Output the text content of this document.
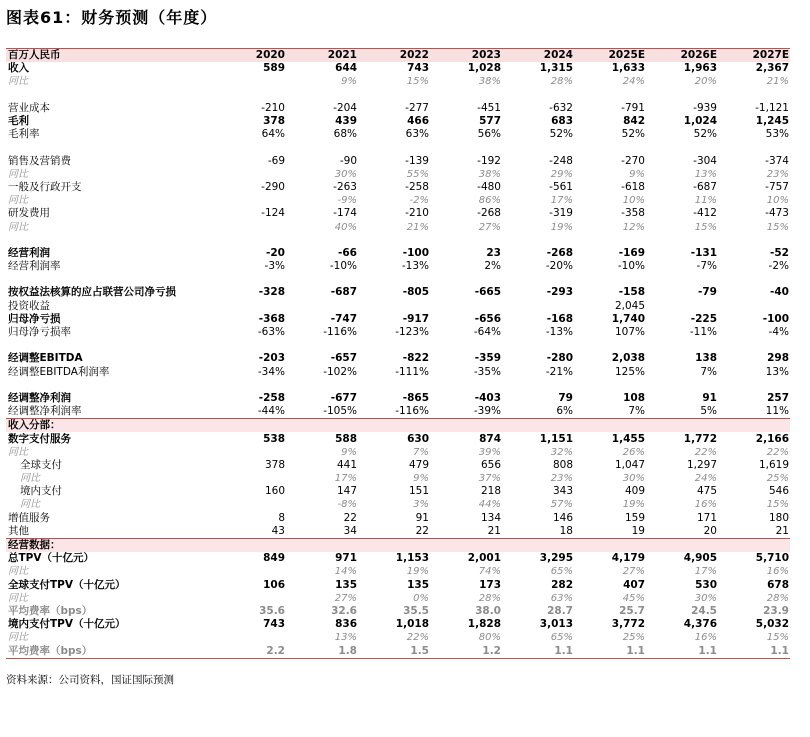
图表61：财务预测（年度）
百万人民币	2020	2021	2022	2023	2024	2025E	2026E	2027E
收入	589	644	743	1,028	1,315	1,633	1,963	2,367
同比		9%	15%	38%	28%	24%	20%	21%

营业成本	-210	-204	-277	-451	-632	-791	-939	-1,121
毛利	378	439	466	577	683	842	1,024	1,245
毛利率	64%	68%	63%	56%	52%	52%	52%	53%

销售及营销费	-69	-90	-139	-192	-248	-270	-304	-374
同比		30%	55%	38%	29%	9%	13%	23%
一般及行政开支	-290	-263	-258	-480	-561	-618	-687	-757
同比		-9%	-2%	86%	17%	10%	11%	10%
研发费用	-124	-174	-210	-268	-319	-358	-412	-473
同比		40%	21%	27%	19%	12%	15%	15%

经营利润	-20	-66	-100	23	-268	-169	-131	-52
经营利润率	-3%	-10%	-13%	2%	-20%	-10%	-7%	-2%

按权益法核算的应占联营公司净亏损	-328	-687	-805	-665	-293	-158	-79	-40
投资收益						2,045		
归母净亏损	-368	-747	-917	-656	-168	1,740	-225	-100
归母净亏损率	-63%	-116%	-123%	-64%	-13%	107%	-11%	-4%

经调整EBITDA	-203	-657	-822	-359	-280	2,038	138	298
经调整EBITDA利润率	-34%	-102%	-111%	-35%	-21%	125%	7%	13%

经调整净利润	-258	-677	-865	-403	79	108	91	257
经调整净利润率	-44%	-105%	-116%	-39%	6%	7%	5%	11%
收入分部：								
数字支付服务	538	588	630	874	1,151	1,455	1,772	2,166
同比		9%	7%	39%	32%	26%	22%	22%
全球支付	378	441	479	656	808	1,047	1,297	1,619
同比		17%	9%	37%	23%	30%	24%	25%
境内支付	160	147	151	218	343	409	475	546
同比		-8%	3%	44%	57%	19%	16%	15%
增值服务	8	22	91	134	146	159	171	180
其他	43	34	22	21	18	19	20	21
经营数据：								
总TPV（十亿元）	849	971	1,153	2,001	3,295	4,179	4,905	5,710
同比		14%	19%	74%	65%	27%	17%	16%
全球支付TPV（十亿元）	106	135	135	173	282	407	530	678
同比		27%	0%	28%	63%	45%	30%	28%
平均费率（bps）	35.6	32.6	35.5	38.0	28.7	25.7	24.5	23.9
境内支付TPV（十亿元）	743	836	1,018	1,828	3,013	3,772	4,376	5,032
同比		13%	22%	80%	65%	25%	16%	15%
平均费率（bps）	2.2	1.8	1.5	1.2	1.1	1.1	1.1	1.1
资料来源：公司资料，国证国际预测
